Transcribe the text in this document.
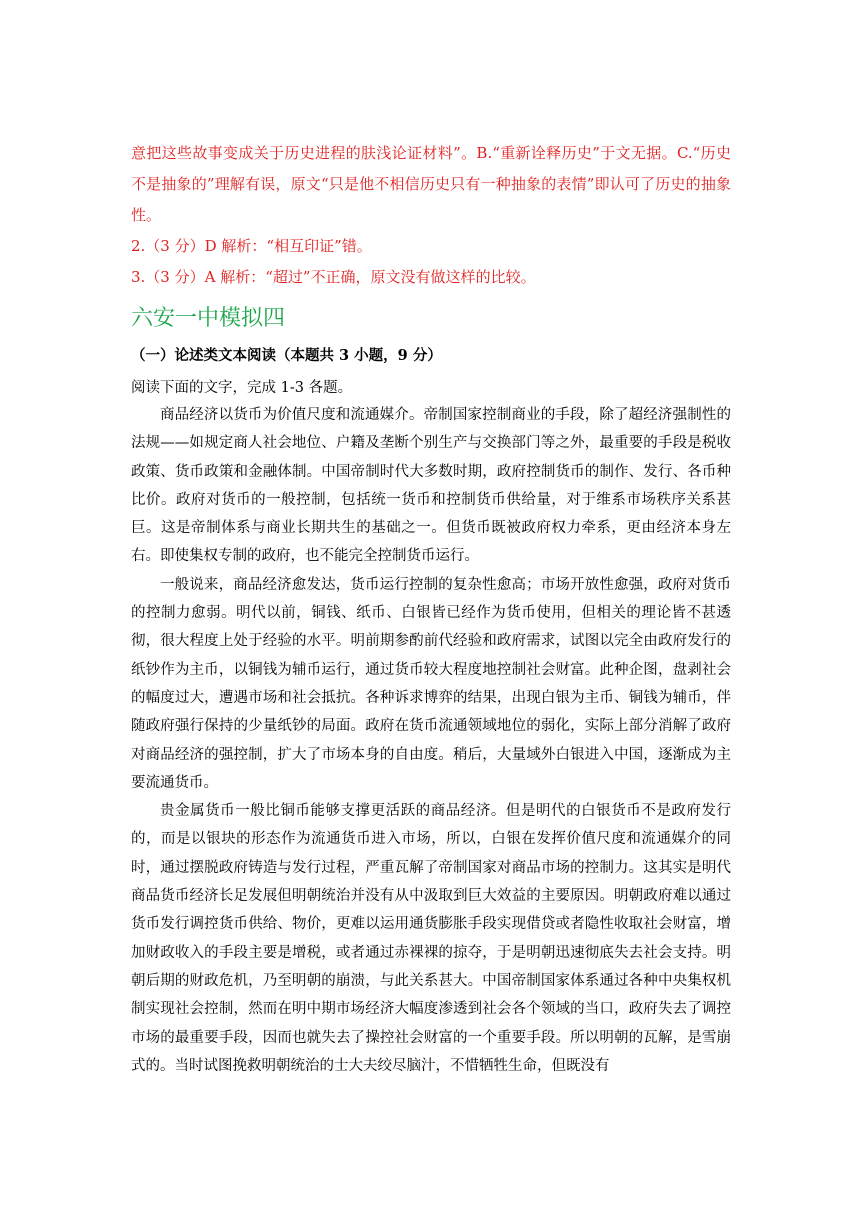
意把这些故事变成关于历史进程的肤浅论证材料”。B.“重新诠释历史”于文无据。C.“历史不是抽象的”理解有误，原文“只是他不相信历史只有一种抽象的表情”即认可了历史的抽象性。

2.（3 分）D 解析：“相互印证”错。

3.（3 分）A 解析：“超过”不正确，原文没有做这样的比较。

六安一中模拟四

（一）论述类文本阅读（本题共 3 小题，9 分）

阅读下面的文字，完成 1-3 各题。

商品经济以货币为价值尺度和流通媒介。帝制国家控制商业的手段，除了超经济强制性的法规——如规定商人社会地位、户籍及垄断个别生产与交换部门等之外，最重要的手段是税收政策、货币政策和金融体制。中国帝制时代大多数时期，政府控制货币的制作、发行、各币种比价。政府对货币的一般控制，包括统一货币和控制货币供给量，对于维系市场秩序关系甚巨。这是帝制体系与商业长期共生的基础之一。但货币既被政府权力牵系，更由经济本身左右。即使集权专制的政府，也不能完全控制货币运行。

一般说来，商品经济愈发达，货币运行控制的复杂性愈高；市场开放性愈强，政府对货币的控制力愈弱。明代以前，铜钱、纸币、白银皆已经作为货币使用，但相关的理论皆不甚透彻，很大程度上处于经验的水平。明前期参酌前代经验和政府需求，试图以完全由政府发行的纸钞作为主币，以铜钱为辅币运行，通过货币较大程度地控制社会财富。此种企图，盘剥社会的幅度过大，遭遇市场和社会抵抗。各种诉求博弈的结果，出现白银为主币、铜钱为辅币，伴随政府强行保持的少量纸钞的局面。政府在货币流通领域地位的弱化，实际上部分消解了政府对商品经济的强控制，扩大了市场本身的自由度。稍后，大量域外白银进入中国，逐渐成为主要流通货币。

贵金属货币一般比铜币能够支撑更活跃的商品经济。但是明代的白银货币不是政府发行的，而是以银块的形态作为流通货币进入市场，所以，白银在发挥价值尺度和流通媒介的同时，通过摆脱政府铸造与发行过程，严重瓦解了帝制国家对商品市场的控制力。这其实是明代商品货币经济长足发展但明朝统治并没有从中汲取到巨大效益的主要原因。明朝政府难以通过货币发行调控货币供给、物价，更难以运用通货膨胀手段实现借贷或者隐性收取社会财富，增加财政收入的手段主要是增税，或者通过赤裸裸的掠夺，于是明朝迅速彻底失去社会支持。明朝后期的财政危机，乃至明朝的崩溃，与此关系甚大。中国帝制国家体系通过各种中央集权机制实现社会控制，然而在明中期市场经济大幅度渗透到社会各个领域的当口，政府失去了调控市场的最重要手段，因而也就失去了操控社会财富的一个重要手段。所以明朝的瓦解，是雪崩式的。当时试图挽救明朝统治的士大夫绞尽脑汁，不惜牺牲生命，但既没有
